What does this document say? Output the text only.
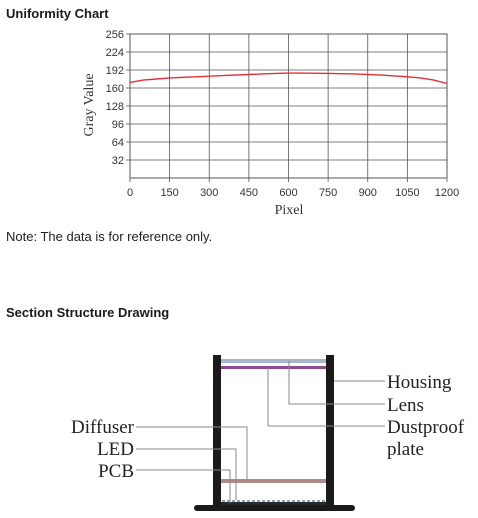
Uniformity Chart
32
64
96
128
160
192
224
256
0 150 300 450 600 750 900 1050 1200
Gray Value
Pixel
Note: The data is for reference only.
Section Structure Drawing
Housing
Lens
Dustproof
plate
Diffuser
LED
PCB
